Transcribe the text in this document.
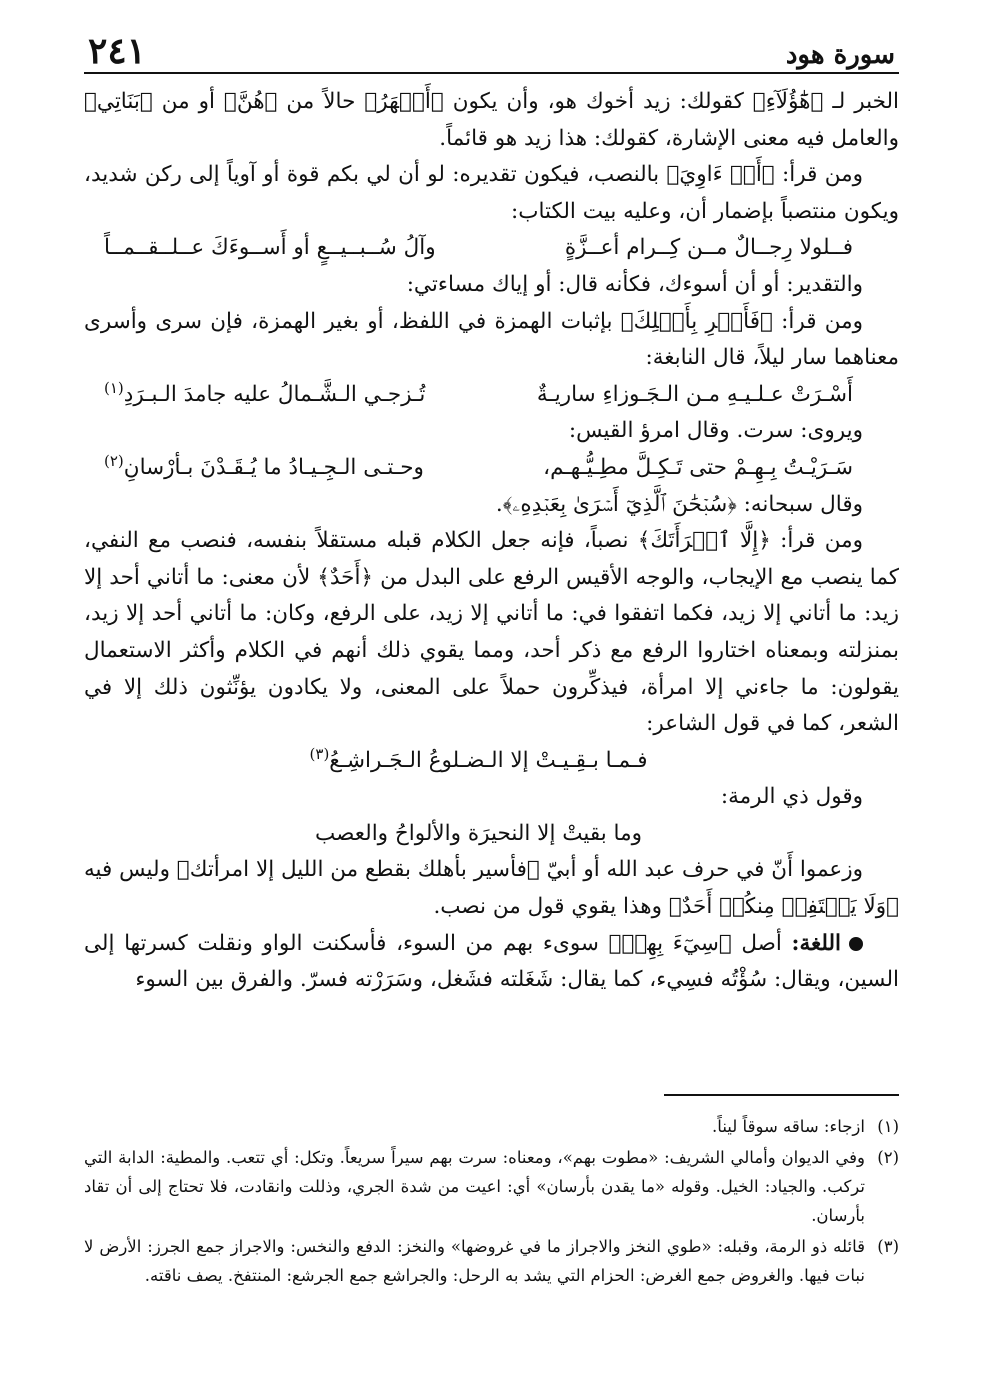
سورة هود
٢٤١

الخبر لـ ﴿هَٰٓؤُلَآءِ﴾ كقولك: زيد أخوك هو، وأن يكون ﴿أَطۡهَرُ﴾ حالاً من ﴿هُنَّ﴾ أو من ﴿بَنَاتِي﴾ والعامل فيه معنى الإشارة، كقولك: هذا زيد هو قائماً.

ومن قرأ: ﴿أَوۡ ءَاوِيَ﴾ بالنصب، فيكون تقديره: لو أن لي بكم قوة أو آوياً إلى ركن شديد، ويكون منتصباً بإضمار أن، وعليه بيت الكتاب:

فــلولا رِجــالٌ مــن كِــرام أعــزَّةٍ
وآلُ سُــبــيــعٍ أو أَســوءَكَ عــلــقــمــاً

والتقدير: أو أن أسوءك، فكأنه قال: أو إياك مساءتي:

ومن قرأ: ﴿فَأَسۡرِ بِأَهۡلِكَ﴾ بإثبات الهمزة في اللفظ، أو بغير الهمزة، فإن سرى وأسرى معناهما سار ليلاً، قال النابغة:

أَسْـرَتْ عـلـيـهِ مـن الـجَـوزاءِ ساريـةٌ
تُـزجـي الـشَّـمالُ عليه جامدَ الـبـرَدِ$^{(١)}$

ويروى: سرت. وقال امرؤ القيس:

سَـرَيْـتُ بِـهِـمْ حتى تَـكِـلَّ مطِـيُّـهـم،
وحـتـى الـجِـيـادُ ما يُـقَـدْنَ بـأرْسانِ$^{(٢)}$

وقال سبحانه: ﴿سُبۡحَٰنَ ٱلَّذِيٓ أَسۡرَىٰ بِعَبۡدِهِۦ﴾.

ومن قرأ: ﴿إِلَّا ٱمۡرَأَتَكَ﴾ نصباً، فإنه جعل الكلام قبله مستقلاً بنفسه، فنصب مع النفي، كما ينصب مع الإيجاب، والوجه الأقيس الرفع على البدل من ﴿أَحَدٌ﴾ لأن معنى: ما أتاني أحد إلا زيد: ما أتاني إلا زيد، فكما اتفقوا في: ما أتاني إلا زيد، على الرفع، وكان: ما أتاني أحد إلا زيد، بمنزلته وبمعناه اختاروا الرفع مع ذكر أحد، ومما يقوي ذلك أنهم في الكلام وأكثر الاستعمال يقولون: ما جاءني إلا امرأة، فيذكِّرون حملاً على المعنى، ولا يكادون يؤنِّثون ذلك إلا في الشعر، كما في قول الشاعر:

فـمـا بـقِـيـتْ إلا الـضـلوعُ الـجَـراشِـعُ$^{(٣)}$

وقول ذي الرمة:

وما بقيتْ إلا النحيرَة والألواحُ والعصب

وزعموا أَنّ في حرف عبد الله أو أبيّ ﴿فأسير بأهلك بقطع من الليل إلا امرأتك﴾ وليس فيه ﴿وَلَا يَلۡتَفِتۡ مِنكُمۡ أَحَدٌ﴾ وهذا يقوي قول من نصب.

اللغة: أصل ﴿سِيٓءَ بِهِمۡ﴾ سوىء بهم من السوء، فأسكنت الواو ونقلت كسرتها إلى السين، ويقال: سُؤْتُه فسِيء، كما يقال: شَغَلته فشَغل، وسَرَرْته فسرّ. والفرق بين السوء

(١)
ازجاء: ساقه سوقاً ليناً.
(٢)
وفي الديوان وأمالي الشريف: «مطوت بهم»، ومعناه: سرت بهم سيراً سريعاً. وتكل: أي تتعب. والمطية: الدابة التي تركب. والجياد: الخيل. وقوله «ما يقدن بأرسان» أي: اعيت من شدة الجري، وذللت وانقادت، فلا تحتاج إلى أن تقاد بأرسان.
(٣)
قائله ذو الرمة، وقبله: «طوي النخز والاجراز ما في غروضها» والنخز: الدفع والنخس: والاجراز جمع الجرز: الأرض لا نبات فيها. والغروض جمع الغرض: الحزام التي يشد به الرحل: والجراشع جمع الجرشع: المنتفخ. يصف ناقته.
